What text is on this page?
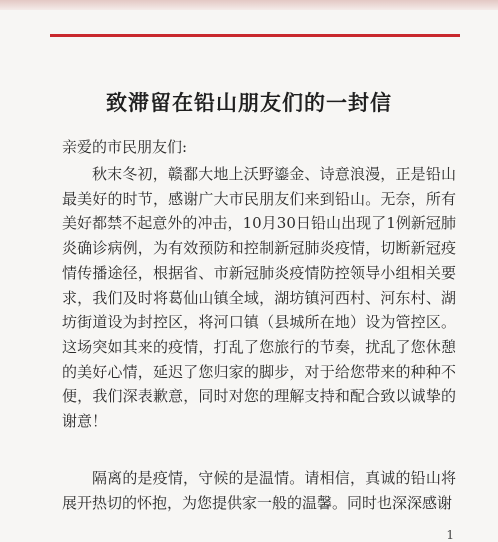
致滞留在铅山朋友们的一封信

亲爱的市民朋友们:

秋末冬初，赣鄱大地上沃野鎏金、诗意浪漫，正是铅山最美好的时节，感谢广大市民朋友们来到铅山。无奈，所有美好都禁不起意外的冲击，10月30日铅山出现了1例新冠肺炎确诊病例，为有效预防和控制新冠肺炎疫情，切断新冠疫情传播途径，根据省、市新冠肺炎疫情防控领导小组相关要求，我们及时将葛仙山镇全域，湖坊镇河西村、河东村、湖坊街道设为封控区，将河口镇（县城所在地）设为管控区。这场突如其来的疫情，打乱了您旅行的节奏，扰乱了您休憩的美好心情，延迟了您归家的脚步，对于给您带来的种种不便，我们深表歉意，同时对您的理解支持和配合致以诚挚的谢意！

隔离的是疫情，守候的是温情。请相信，真诚的铅山将展开热切的怀抱，为您提供家一般的温馨。同时也深深感谢

1
